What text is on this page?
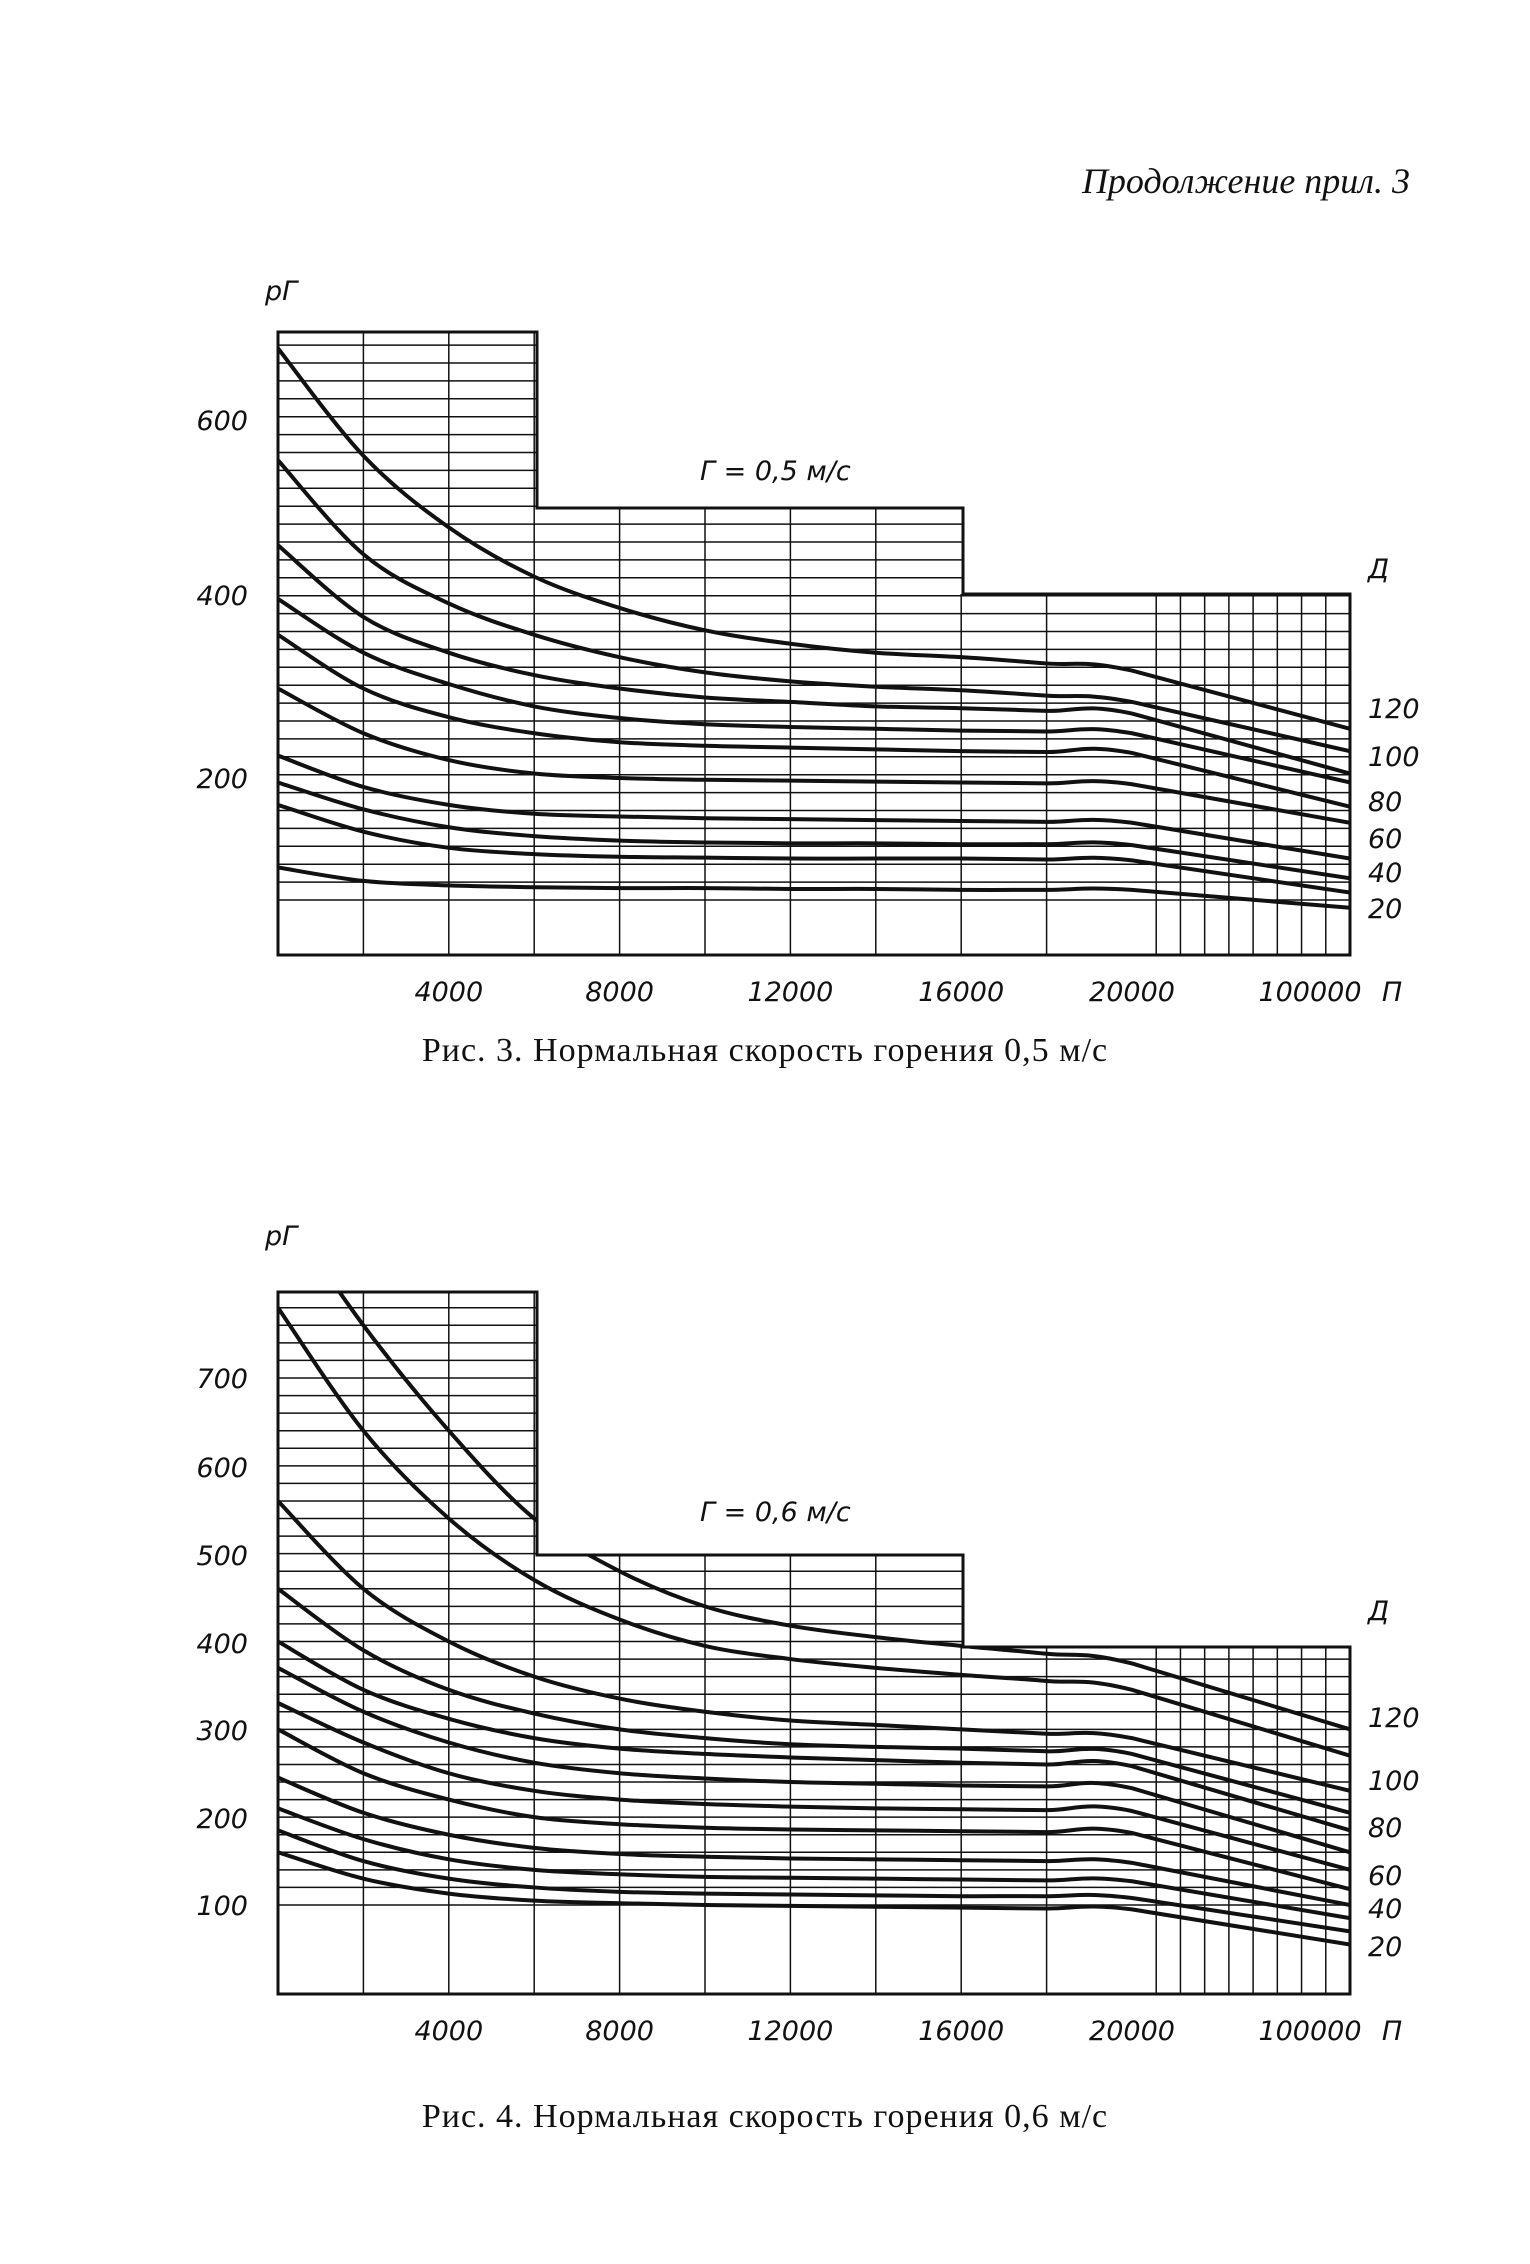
Продолжение прил. 3
200
400
600
рГ
4000	8000	12000	16000	20000	100000 П
Г = 0,5 м/с
Д
120
100
80
60
40
20
Рис. 3. Нормальная скорость горения 0,5 м/с
100
200
300
400
500
600
700
рГ
4000	8000	12000	16000	20000	100000 П
Г = 0,6 м/с
Д
120
100
80
60
40
20
Рис. 4. Нормальная скорость горения 0,6 м/с
